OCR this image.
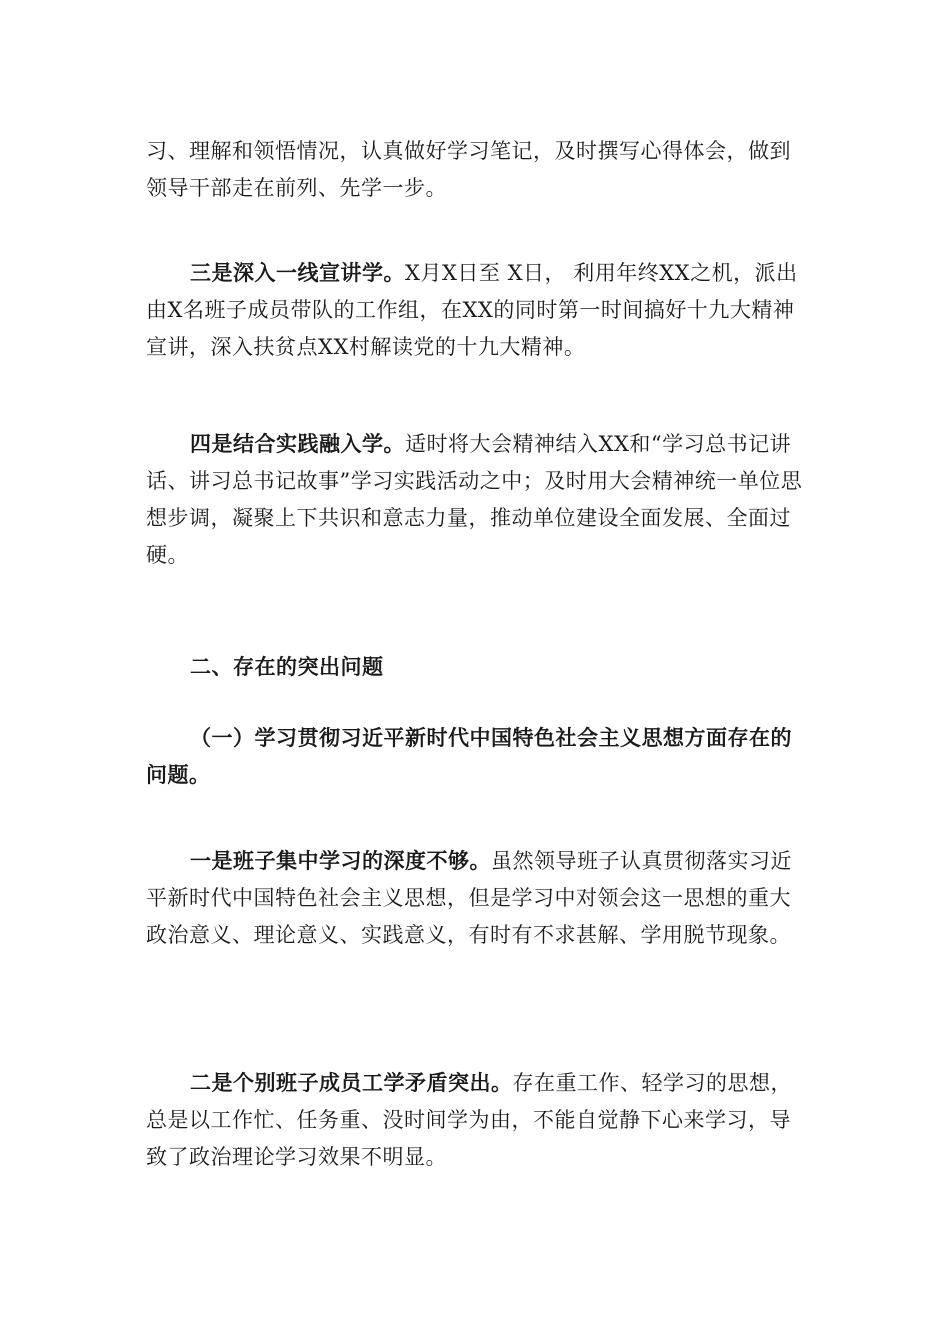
习、理解和领悟情况，认真做好学习笔记，及时撰写心得体会，做到领导干部走在前列、先学一步。

三是深入一线宣讲学。X月X日至 X日， 利用年终XX之机，派出由X名班子成员带队的工作组，在XX的同时第一时间搞好十九大精神宣讲，深入扶贫点XX村解读党的十九大精神。

四是结合实践融入学。适时将大会精神结入XX和“学习总书记讲话、讲习总书记故事”学习实践活动之中；及时用大会精神统一单位思想步调，凝聚上下共识和意志力量，推动单位建设全面发展、全面过硬。

二、存在的突出问题

（一）学习贯彻习近平新时代中国特色社会主义思想方面存在的问题。

一是班子集中学习的深度不够。虽然领导班子认真贯彻落实习近平新时代中国特色社会主义思想，但是学习中对领会这一思想的重大政治意义、理论意义、实践意义，有时有不求甚解、学用脱节现象。

二是个别班子成员工学矛盾突出。存在重工作、轻学习的思想，总是以工作忙、任务重、没时间学为由，不能自觉静下心来学习，导致了政治理论学习效果不明显。
